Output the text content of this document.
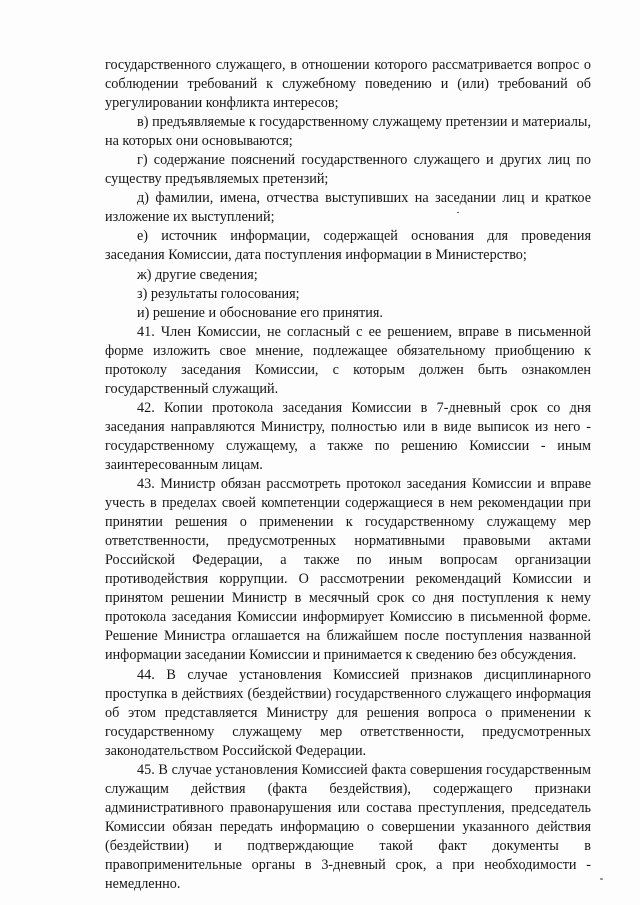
государственного служащего, в отношении которого рассматривается вопрос о соблюдении требований к служебному поведению и (или) требований об урегулировании конфликта интересов;

в) предъявляемые к государственному служащему претензии и материалы, на которых они основываются;

г) содержание пояснений государственного служащего и других лиц по существу предъявляемых претензий;

д) фамилии, имена, отчества выступивших на заседании лиц и краткое изложение их выступлений;

е) источник информации, содержащей основания для проведения заседания Комиссии, дата поступления информации в Министерство;

ж) другие сведения;

з) результаты голосования;

и) решение и обоснование его принятия.

41. Член Комиссии, не согласный с ее решением, вправе в письменной форме изложить свое мнение, подлежащее обязательному приобщению к протоколу заседания Комиссии, с которым должен быть ознакомлен государственный служащий.

42. Копии протокола заседания Комиссии в 7-дневный срок со дня заседания направляются Министру, полностью или в виде выписок из него - государственному служащему, а также по решению Комиссии - иным заинтересованным лицам.

43. Министр обязан рассмотреть протокол заседания Комиссии и вправе учесть в пределах своей компетенции содержащиеся в нем рекомендации при принятии решения о применении к государственному служащему мер ответственности, предусмотренных нормативными правовыми актами Российской Федерации, а также по иным вопросам организации противодействия коррупции. О рассмотрении рекомендаций Комиссии и принятом решении Министр в месячный срок со дня поступления к нему протокола заседания Комиссии информирует Комиссию в письменной форме. Решение Министра оглашается на ближайшем после поступления названной информации заседании Комиссии и принимается к сведению без обсуждения.

44. В случае установления Комиссией признаков дисциплинарного проступка в действиях (бездействии) государственного служащего информация об этом представляется Министру для решения вопроса о применении к государственному служащему мер ответственности, предусмотренных законодательством Российской Федерации.

45. В случае установления Комиссией факта совершения государственным служащим действия (факта бездействия), содержащего признаки административного правонарушения или состава преступления, председатель Комиссии обязан передать информацию о совершении указанного действия (бездействии) и подтверждающие такой факт документы в правоприменительные органы в 3-дневный срок, а при необходимости - немедленно.
